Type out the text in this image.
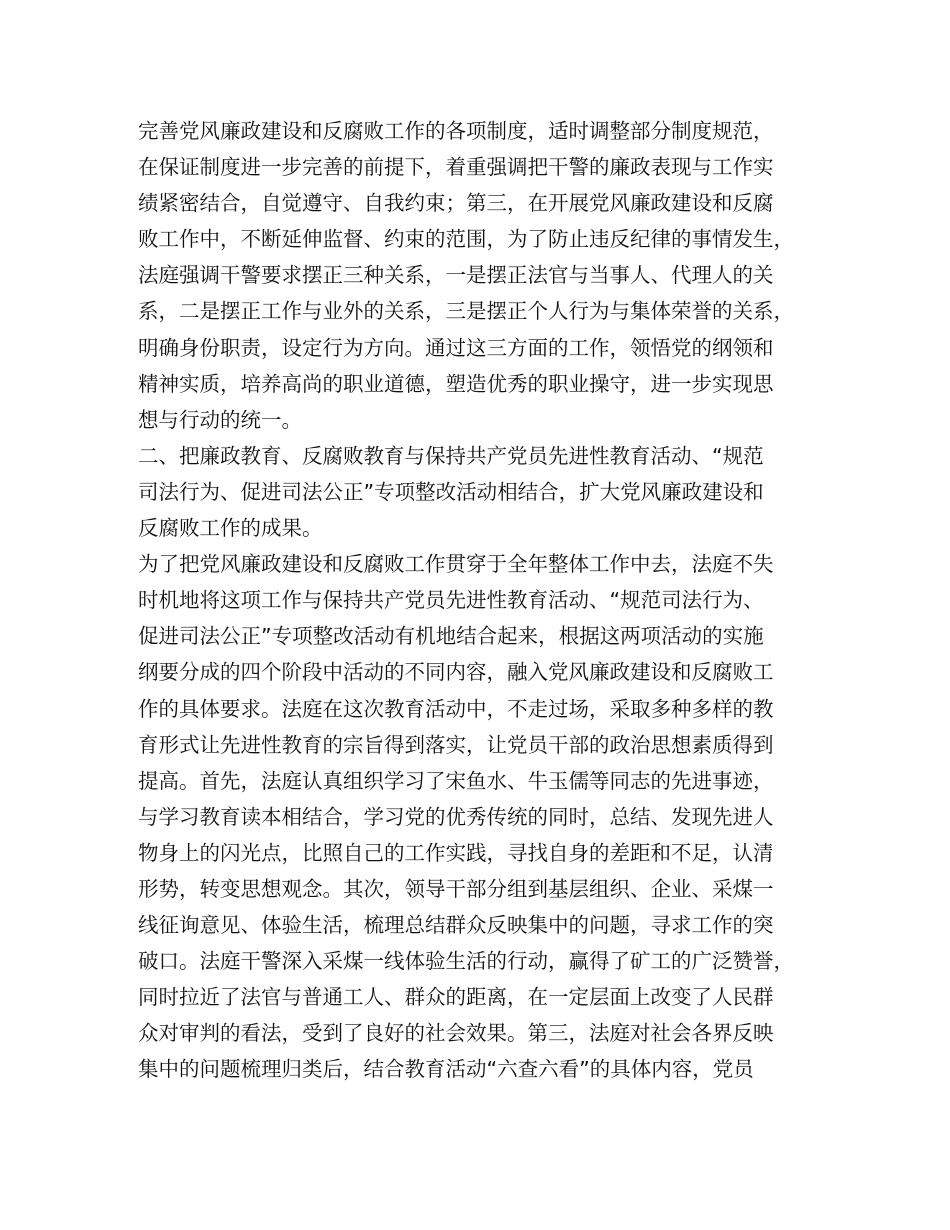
完善党风廉政建设和反腐败工作的各项制度，适时调整部分制度规范，
在保证制度进一步完善的前提下，着重强调把干警的廉政表现与工作实
绩紧密结合，自觉遵守、自我约束；第三，在开展党风廉政建设和反腐
败工作中，不断延伸监督、约束的范围，为了防止违反纪律的事情发生，
法庭强调干警要求摆正三种关系，一是摆正法官与当事人、代理人的关
系，二是摆正工作与业外的关系，三是摆正个人行为与集体荣誉的关系，
明确身份职责，设定行为方向。通过这三方面的工作，领悟党的纲领和
精神实质，培养高尚的职业道德，塑造优秀的职业操守，进一步实现思
想与行动的统一。
二、把廉政教育、反腐败教育与保持共产党员先进性教育活动、“规范
司法行为、促进司法公正”专项整改活动相结合，扩大党风廉政建设和
反腐败工作的成果。
为了把党风廉政建设和反腐败工作贯穿于全年整体工作中去，法庭不失
时机地将这项工作与保持共产党员先进性教育活动、“规范司法行为、
促进司法公正”专项整改活动有机地结合起来，根据这两项活动的实施
纲要分成的四个阶段中活动的不同内容，融入党风廉政建设和反腐败工
作的具体要求。法庭在这次教育活动中，不走过场，采取多种多样的教
育形式让先进性教育的宗旨得到落实，让党员干部的政治思想素质得到
提高。首先，法庭认真组织学习了宋鱼水、牛玉儒等同志的先进事迹，
与学习教育读本相结合，学习党的优秀传统的同时，总结、发现先进人
物身上的闪光点，比照自己的工作实践，寻找自身的差距和不足，认清
形势，转变思想观念。其次，领导干部分组到基层组织、企业、采煤一
线征询意见、体验生活，梳理总结群众反映集中的问题，寻求工作的突
破口。法庭干警深入采煤一线体验生活的行动，赢得了矿工的广泛赞誉，
同时拉近了法官与普通工人、群众的距离，在一定层面上改变了人民群
众对审判的看法，受到了良好的社会效果。第三，法庭对社会各界反映
集中的问题梳理归类后，结合教育活动“六查六看”的具体内容，党员
